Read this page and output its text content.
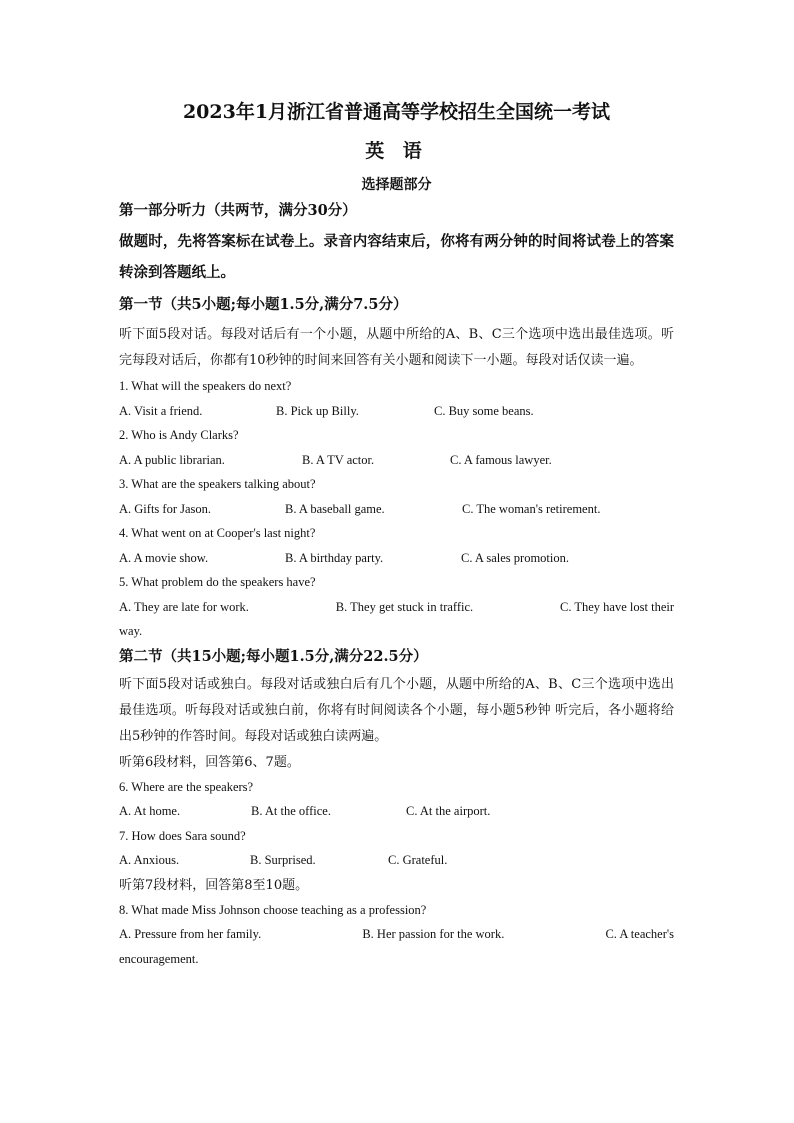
2023年1月浙江省普通高等学校招生全国统一考试
英 语
选择题部分

第一部分听力（共两节，满分30分）

做题时，先将答案标在试卷上。录音内容结束后，你将有两分钟的时间将试卷上的答案转涂到答题纸上。

第一节（共5小题;每小题1.5分,满分7.5分）

听下面5段对话。每段对话后有一个小题，从题中所给的A、B、C三个选项中选出最佳选项。听完每段对话后，你都有10秒钟的时间来回答有关小题和阅读下一小题。每段对话仅读一遍。

1. What will the speakers do next?

A. Visit a friend.	B. Pick up Billy.	C. Buy some beans.

2. Who is Andy Clarks?

A. A public librarian.	B. A TV actor.	C. A famous lawyer.

3. What are the speakers talking about?

A. Gifts for Jason.	B. A baseball game.	C. The woman's retirement.

4. What went on at Cooper's last night?

A. A movie show.	B. A birthday party.	C. A sales promotion.

5. What problem do the speakers have?

A. They are late for work.	B. They get stuck in traffic.	C. They have lost their

way.

第二节（共15小题;每小题1.5分,满分22.5分）

听下面5段对话或独白。每段对话或独白后有几个小题，从题中所给的A、B、C三个选项中选出最佳选项。听每段对话或独白前，你将有时间阅读各个小题，每小题5秒钟 听完后，各小题将给出5秒钟的作答时间。每段对话或独白读两遍。

听第6段材料，回答第6、7题。

6. Where are the speakers?

A. At home.	B. At the office.	C. At the airport.

7. How does Sara sound?

A. Anxious.	B. Surprised.	C. Grateful.

听第7段材料，回答第8至10题。

8. What made Miss Johnson choose teaching as a profession?

A. Pressure from her family.	B. Her passion for the work.	C. A teacher's

encouragement.
